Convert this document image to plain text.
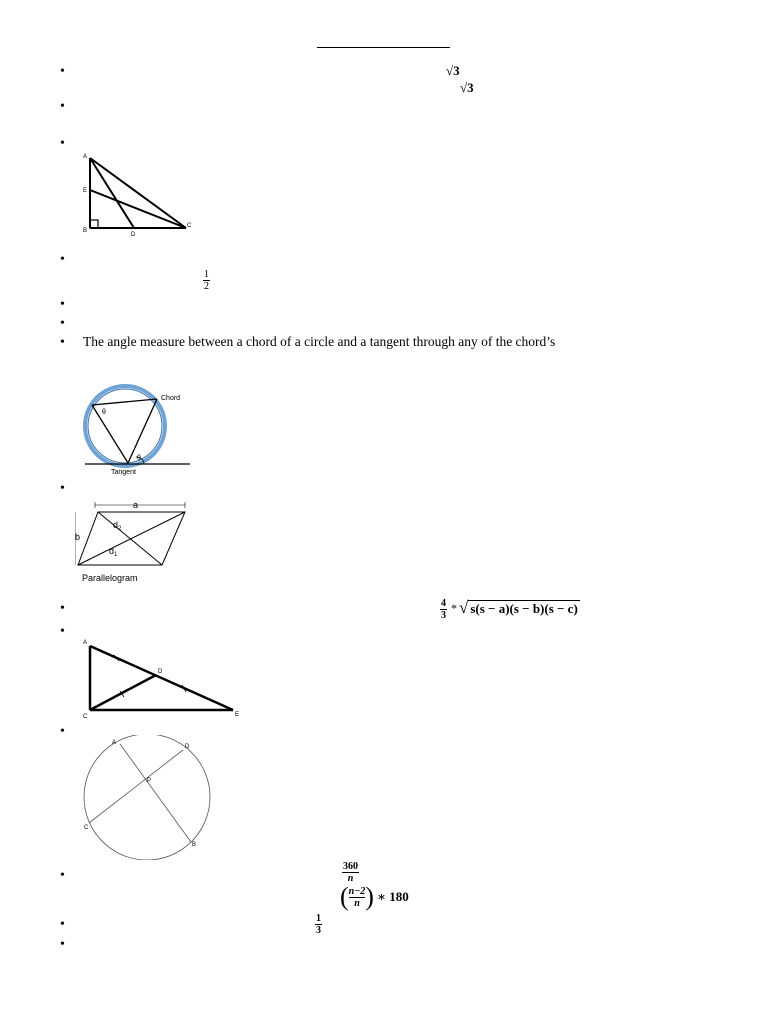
•	√3
√3
•
•
A
E
B
D
C
•
$\frac{1}{2}$
•
•
• The angle measure between a chord of a circle and a tangent through any of the chord’s
θ
θ
Chord
Tangent
•
a
b
$d_2$
$d_1$
Parallelogram
•	$\frac{4}{3}$ * √ s(s − a)(s − b)(s − c)
•
A
D
C	E
•
A
D
P
C
B
•	$\frac{360}{n}$
( $\frac{n-2}{n}$ ) ∗ 180
•	$\frac{1}{3}$
•
